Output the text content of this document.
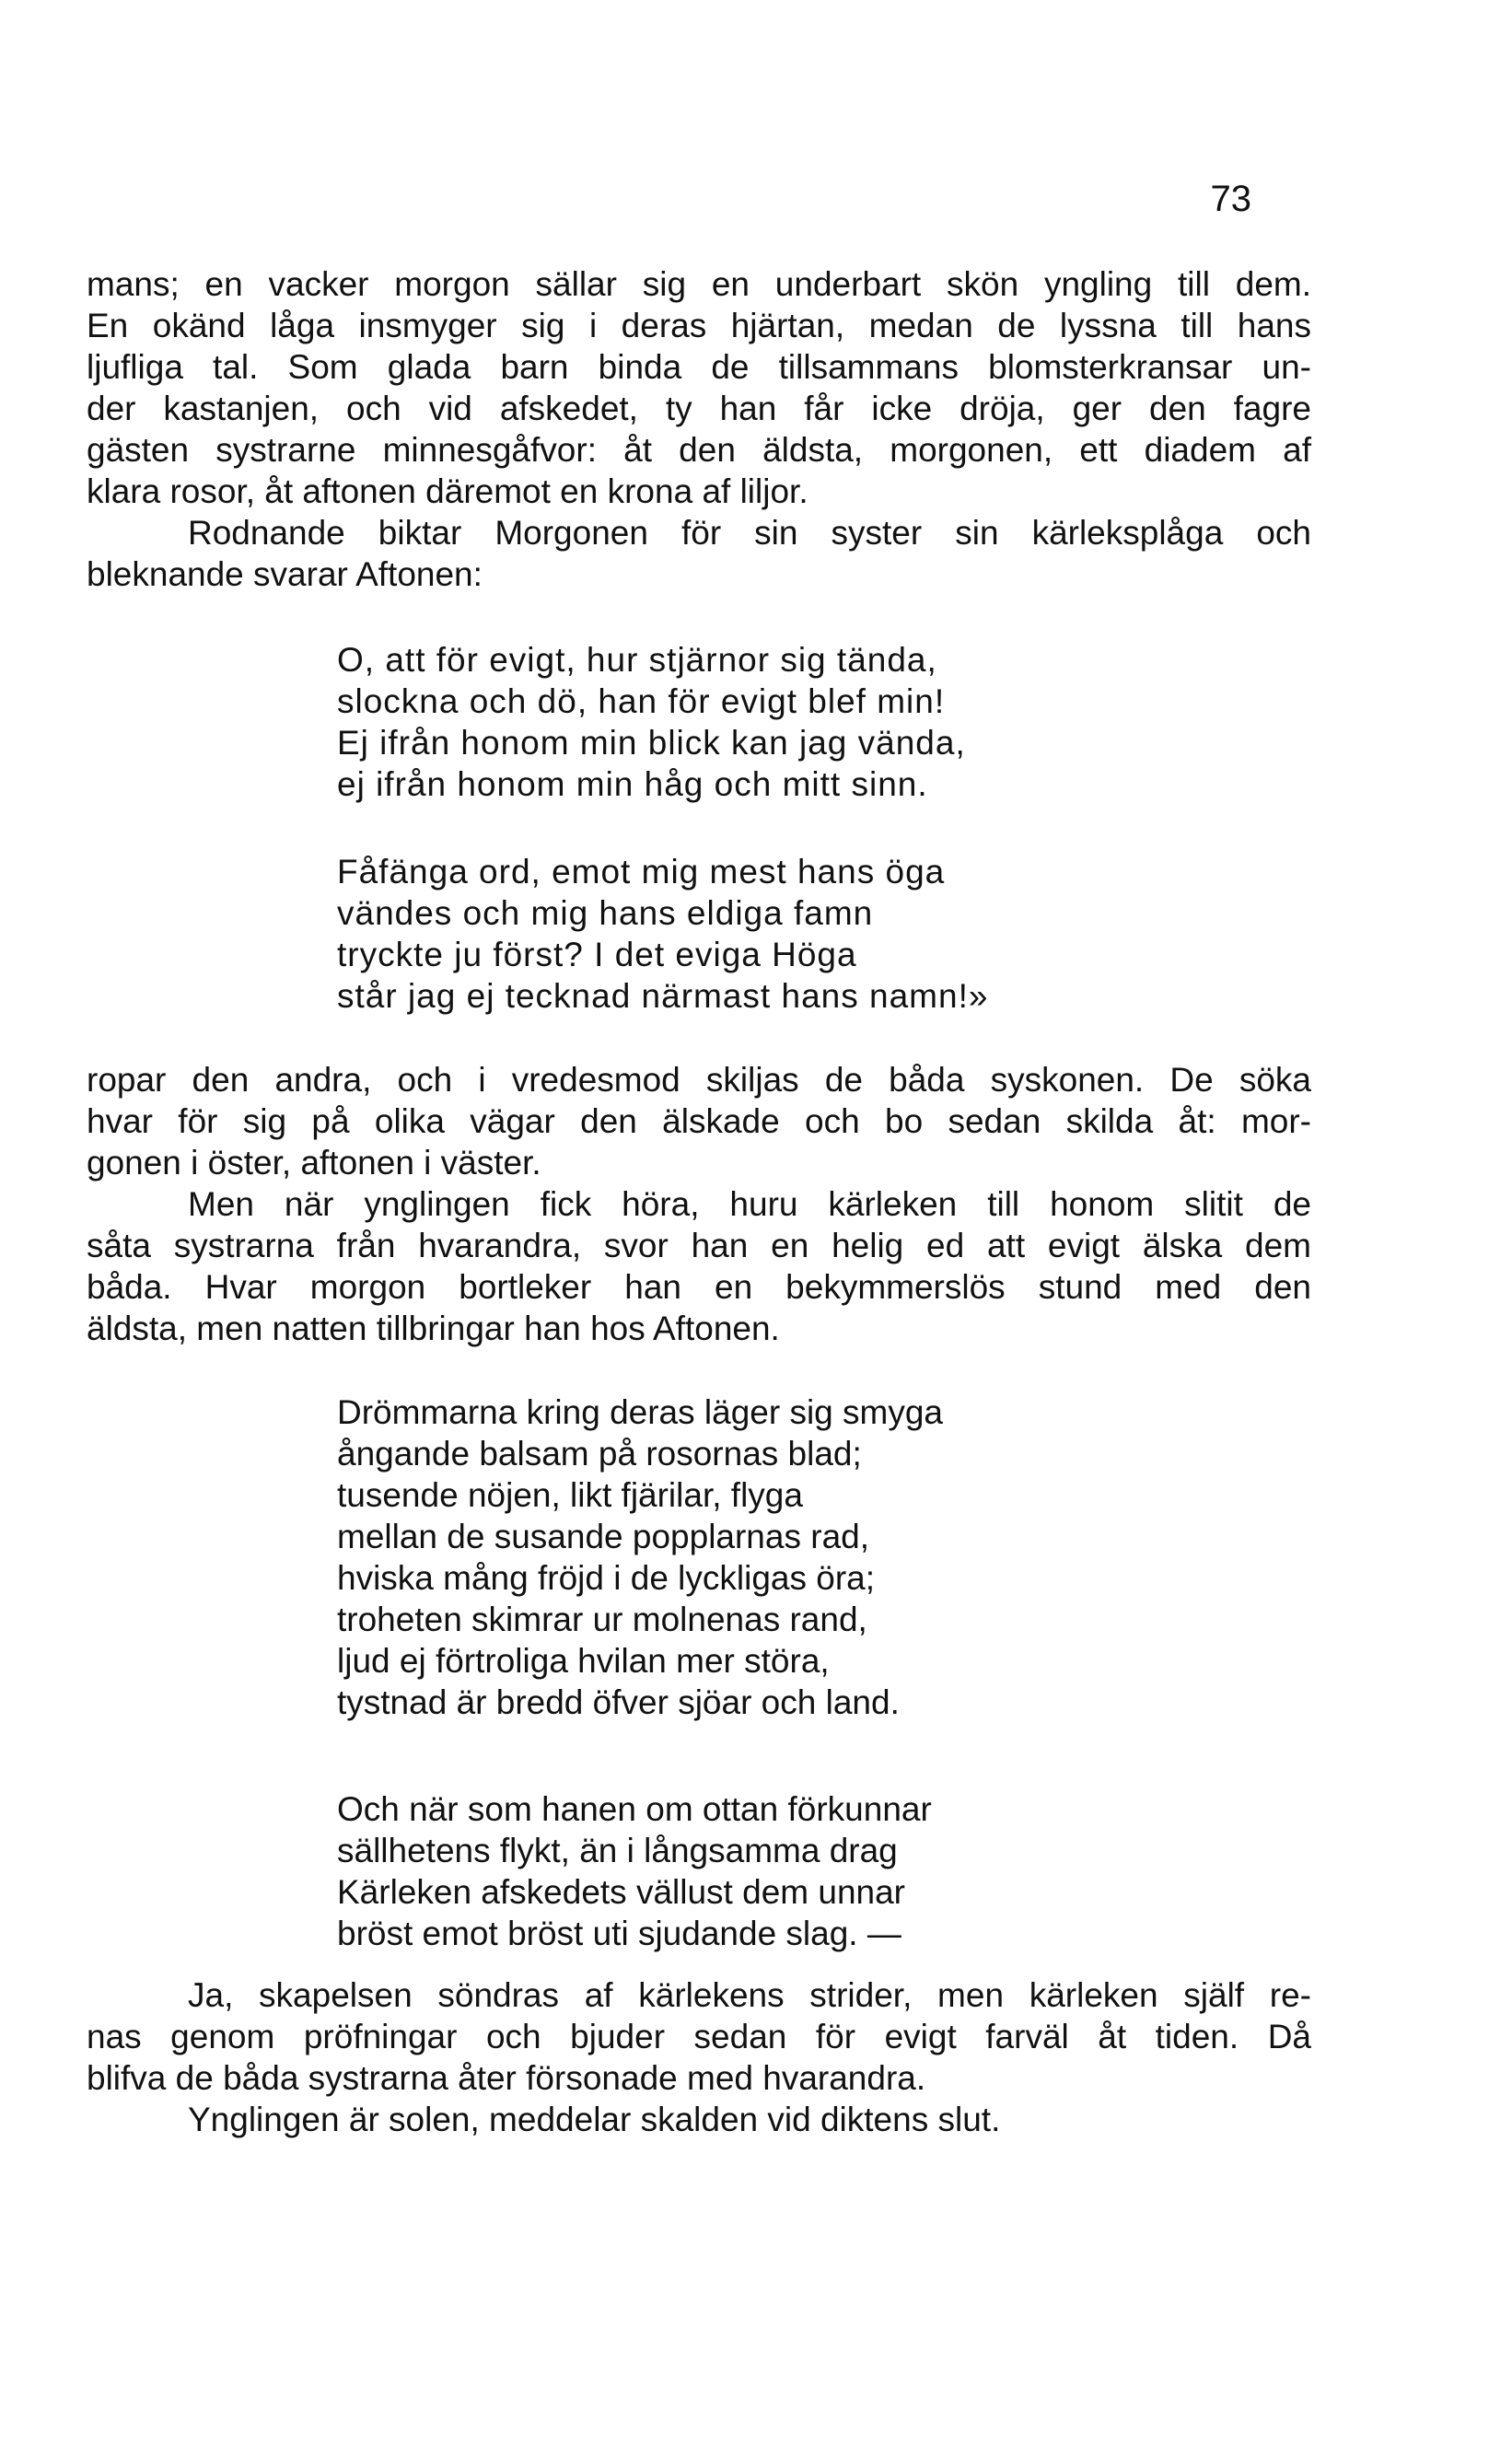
73

mans; en vacker morgon sällar sig en underbart skön yngling till dem.
En okänd låga insmyger sig i deras hjärtan, medan de lyssna till hans
ljufliga tal. Som glada barn binda de tillsammans blomsterkransar un-
der kastanjen, och vid afskedet, ty han får icke dröja, ger den fagre
gästen systrarne minnesgåfvor: åt den äldsta, morgonen, ett diadem af
klara rosor, åt aftonen däremot en krona af liljor.

Rodnande biktar Morgonen för sin syster sin kärleksplåga och
bleknande svarar Aftonen:

O, att för evigt, hur stjärnor sig tända,
slockna och dö, han för evigt blef min!
Ej ifrån honom min blick kan jag vända,
ej ifrån honom min håg och mitt sinn.
Fåfänga ord, emot mig mest hans öga
vändes och mig hans eldiga famn
tryckte ju först? I det eviga Höga
står jag ej tecknad närmast hans namn!»

ropar den andra, och i vredesmod skiljas de båda syskonen. De söka
hvar för sig på olika vägar den älskade och bo sedan skilda åt: mor-
gonen i öster, aftonen i väster.

Men när ynglingen fick höra, huru kärleken till honom slitit de
såta systrarna från hvarandra, svor han en helig ed att evigt älska dem
båda. Hvar morgon bortleker han en bekymmerslös stund med den
äldsta, men natten tillbringar han hos Aftonen.

Drömmarna kring deras läger sig smyga
ångande balsam på rosornas blad;
tusende nöjen, likt fjärilar, flyga
mellan de susande popplarnas rad,
hviska mång fröjd i de lyckligas öra;
troheten skimrar ur molnenas rand,
ljud ej förtroliga hvilan mer störa,
tystnad är bredd öfver sjöar och land.
Och när som hanen om ottan förkunnar
sällhetens flykt, än i långsamma drag
Kärleken afskedets vällust dem unnar
bröst emot bröst uti sjudande slag. —

Ja, skapelsen söndras af kärlekens strider, men kärleken själf re-
nas genom pröfningar och bjuder sedan för evigt farväl åt tiden. Då
blifva de båda systrarna åter försonade med hvarandra.

Ynglingen är solen, meddelar skalden vid diktens slut.
